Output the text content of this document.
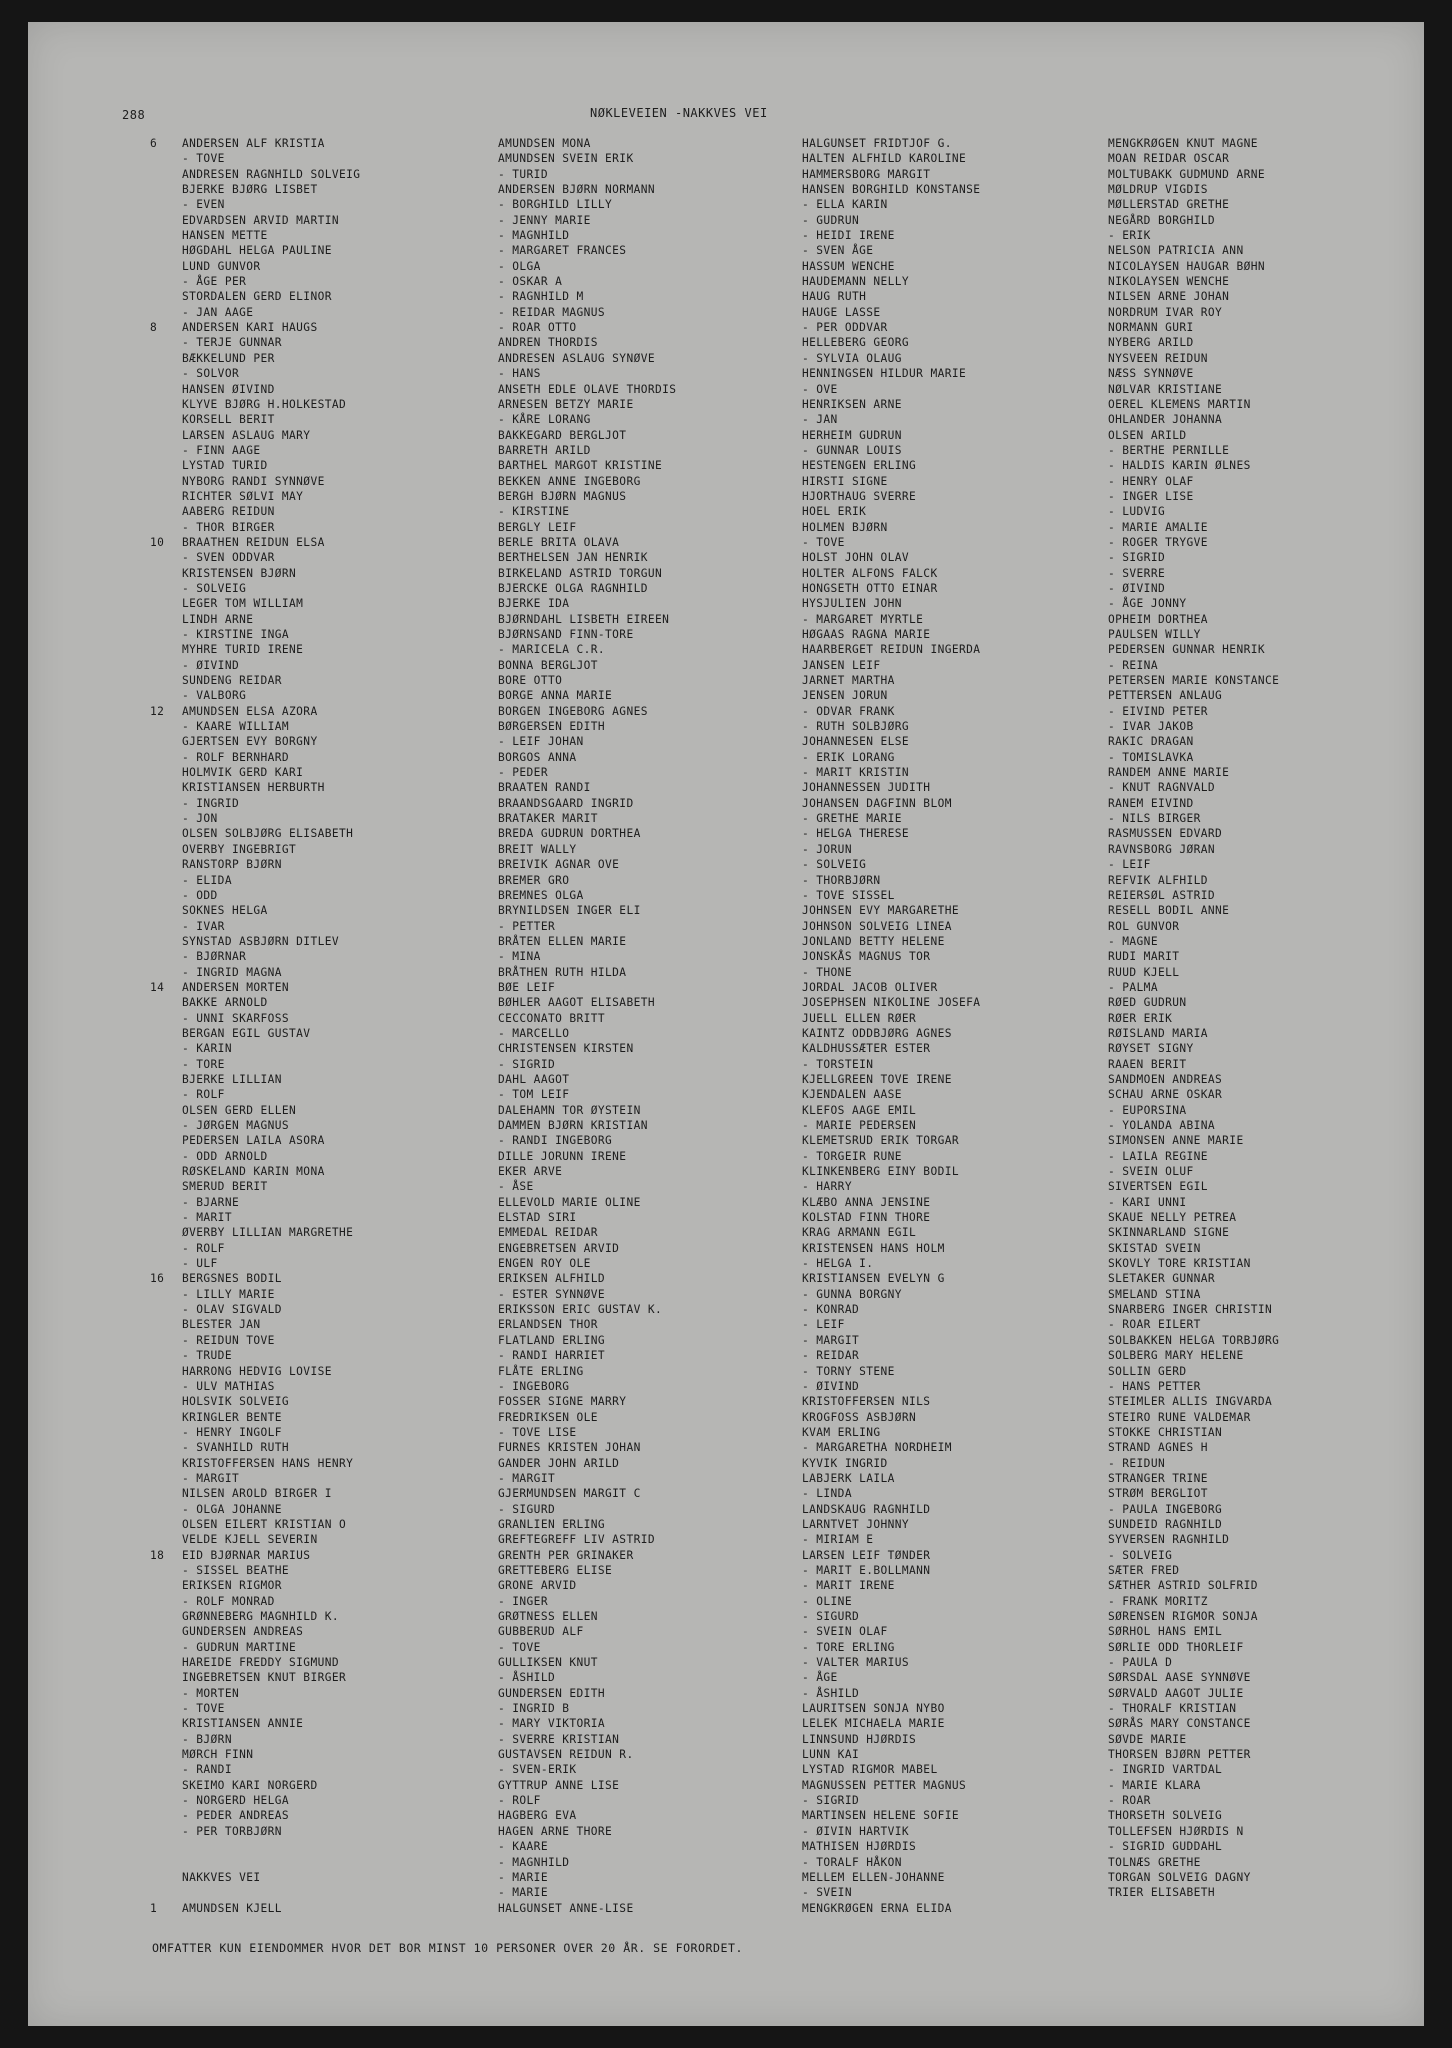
288	NØKLEVEIEN -NAKKVES VEI
6 ANDERSEN ALF KRISTIA
- TOVE
ANDRESEN RAGNHILD SOLVEIG
BJERKE BJØRG LISBET
- EVEN
EDVARDSEN ARVID MARTIN
HANSEN METTE
HØGDAHL HELGA PAULINE
LUND GUNVOR
- ÅGE PER
STORDALEN GERD ELINOR
- JAN AAGE
8 ANDERSEN KARI HAUGS
- TERJE GUNNAR
BÆKKELUND PER
- SOLVOR
HANSEN ØIVIND
KLYVE BJØRG H.HOLKESTAD
KORSELL BERIT
LARSEN ASLAUG MARY
- FINN AAGE
LYSTAD TURID
NYBORG RANDI SYNNØVE
RICHTER SØLVI MAY
AABERG REIDUN
- THOR BIRGER
10 BRAATHEN REIDUN ELSA
- SVEN ODDVAR
KRISTENSEN BJØRN
- SOLVEIG
LEGER TOM WILLIAM
LINDH ARNE
- KIRSTINE INGA
MYHRE TURID IRENE
- ØIVIND
SUNDENG REIDAR
- VALBORG
12 AMUNDSEN ELSA AZORA
- KAARE WILLIAM
GJERTSEN EVY BORGNY
- ROLF BERNHARD
HOLMVIK GERD KARI
KRISTIANSEN HERBURTH
- INGRID
- JON
OLSEN SOLBJØRG ELISABETH
OVERBY INGEBRIGT
RANSTORP BJØRN
- ELIDA
- ODD
SOKNES HELGA
- IVAR
SYNSTAD ASBJØRN DITLEV
- BJØRNAR
- INGRID MAGNA
14 ANDERSEN MORTEN
BAKKE ARNOLD
- UNNI SKARFOSS
BERGAN EGIL GUSTAV
- KARIN
- TORE
BJERKE LILLIAN
- ROLF
OLSEN GERD ELLEN
- JØRGEN MAGNUS
PEDERSEN LAILA ASORA
- ODD ARNOLD
RØSKELAND KARIN MONA
SMERUD BERIT
- BJARNE
- MARIT
ØVERBY LILLIAN MARGRETHE
- ROLF
- ULF
16 BERGSNES BODIL
- LILLY MARIE
- OLAV SIGVALD
BLESTER JAN
- REIDUN TOVE
- TRUDE
HARRONG HEDVIG LOVISE
- ULV MATHIAS
HOLSVIK SOLVEIG
KRINGLER BENTE
- HENRY INGOLF
- SVANHILD RUTH
KRISTOFFERSEN HANS HENRY
- MARGIT
NILSEN AROLD BIRGER I
- OLGA JOHANNE
OLSEN EILERT KRISTIAN O
VELDE KJELL SEVERIN
18 EID BJØRNAR MARIUS
- SISSEL BEATHE
ERIKSEN RIGMOR
- ROLF MONRAD
GRØNNEBERG MAGNHILD K.
GUNDERSEN ANDREAS
- GUDRUN MARTINE
HAREIDE FREDDY SIGMUND
INGEBRETSEN KNUT BIRGER
- MORTEN
- TOVE
KRISTIANSEN ANNIE
- BJØRN
MØRCH FINN
- RANDI
SKEIMO KARI NORGERD
- NORGERD HELGA
- PEDER ANDREAS
- PER TORBJØRN
NAKKVES VEI
1 AMUNDSEN KJELL
AMUNDSEN MONA
AMUNDSEN SVEIN ERIK
- TURID
ANDERSEN BJØRN NORMANN
- BORGHILD LILLY
- JENNY MARIE
- MAGNHILD
- MARGARET FRANCES
- OLGA
- OSKAR A
- RAGNHILD M
- REIDAR MAGNUS
- ROAR OTTO
ANDREN THORDIS
ANDRESEN ASLAUG SYNØVE
- HANS
ANSETH EDLE OLAVE THORDIS
ARNESEN BETZY MARIE
- KÅRE LORANG
BAKKEGARD BERGLJOT
BARRETH ARILD
BARTHEL MARGOT KRISTINE
BEKKEN ANNE INGEBORG
BERGH BJØRN MAGNUS
- KIRSTINE
BERGLY LEIF
BERLE BRITA OLAVA
BERTHELSEN JAN HENRIK
BIRKELAND ASTRID TORGUN
BJERCKE OLGA RAGNHILD
BJERKE IDA
BJØRNDAHL LISBETH EIREEN
BJØRNSAND FINN-TORE
- MARICELA C.R.
BONNA BERGLJOT
BORE OTTO
BORGE ANNA MARIE
BORGEN INGEBORG AGNES
BØRGERSEN EDITH
- LEIF JOHAN
BORGOS ANNA
- PEDER
BRAATEN RANDI
BRAANDSGAARD INGRID
BRATAKER MARIT
BREDA GUDRUN DORTHEA
BREIT WALLY
BREIVIK AGNAR OVE
BREMER GRO
BREMNES OLGA
BRYNILDSEN INGER ELI
- PETTER
BRÅTEN ELLEN MARIE
- MINA
BRÅTHEN RUTH HILDA
BØE LEIF
BØHLER AAGOT ELISABETH
CECCONATO BRITT
- MARCELLO
CHRISTENSEN KIRSTEN
- SIGRID
DAHL AAGOT
- TOM LEIF
DALEHAMN TOR ØYSTEIN
DAMMEN BJØRN KRISTIAN
- RANDI INGEBORG
DILLE JORUNN IRENE
EKER ARVE
- ÅSE
ELLEVOLD MARIE OLINE
ELSTAD SIRI
EMMEDAL REIDAR
ENGEBRETSEN ARVID
ENGEN ROY OLE
ERIKSEN ALFHILD
- ESTER SYNNØVE
ERIKSSON ERIC GUSTAV K.
ERLANDSEN THOR
FLATLAND ERLING
- RANDI HARRIET
FLÅTE ERLING
- INGEBORG
FOSSER SIGNE MARRY
FREDRIKSEN OLE
- TOVE LISE
FURNES KRISTEN JOHAN
GANDER JOHN ARILD
- MARGIT
GJERMUNDSEN MARGIT C
- SIGURD
GRANLIEN ERLING
GREFTEGREFF LIV ASTRID
GRENTH PER GRINAKER
GRETTEBERG ELISE
GRONE ARVID
- INGER
GRØTNESS ELLEN
GUBBERUD ALF
- TOVE
GULLIKSEN KNUT
- ÅSHILD
GUNDERSEN EDITH
- INGRID B
- MARY VIKTORIA
- SVERRE KRISTIAN
GUSTAVSEN REIDUN R.
- SVEN-ERIK
GYTTRUP ANNE LISE
- ROLF
HAGBERG EVA
HAGEN ARNE THORE
- KAARE
- MAGNHILD
- MARIE
- MARIE
HALGUNSET ANNE-LISE
HALGUNSET FRIDTJOF G.
HALTEN ALFHILD KAROLINE
HAMMERSBORG MARGIT
HANSEN BORGHILD KONSTANSE
- ELLA KARIN
- GUDRUN
- HEIDI IRENE
- SVEN ÅGE
HASSUM WENCHE
HAUDEMANN NELLY
HAUG RUTH
HAUGE LASSE
- PER ODDVAR
HELLEBERG GEORG
- SYLVIA OLAUG
HENNINGSEN HILDUR MARIE
- OVE
HENRIKSEN ARNE
- JAN
HERHEIM GUDRUN
- GUNNAR LOUIS
HESTENGEN ERLING
HIRSTI SIGNE
HJORTHAUG SVERRE
HOEL ERIK
HOLMEN BJØRN
- TOVE
HOLST JOHN OLAV
HOLTER ALFONS FALCK
HONGSETH OTTO EINAR
HYSJULIEN JOHN
- MARGARET MYRTLE
HØGAAS RAGNA MARIE
HAARBERGET REIDUN INGERDA
JANSEN LEIF
JARNET MARTHA
JENSEN JORUN
- ODVAR FRANK
- RUTH SOLBJØRG
JOHANNESEN ELSE
- ERIK LORANG
- MARIT KRISTIN
JOHANNESSEN JUDITH
JOHANSEN DAGFINN BLOM
- GRETHE MARIE
- HELGA THERESE
- JORUN
- SOLVEIG
- THORBJØRN
- TOVE SISSEL
JOHNSEN EVY MARGARETHE
JOHNSON SOLVEIG LINEA
JONLAND BETTY HELENE
JONSKÅS MAGNUS TOR
- THONE
JORDAL JACOB OLIVER
JOSEPHSEN NIKOLINE JOSEFA
JUELL ELLEN RØER
KAINTZ ODDBJØRG AGNES
KALDHUSSÆTER ESTER
- TORSTEIN
KJELLGREEN TOVE IRENE
KJENDALEN AASE
KLEFOS AAGE EMIL
- MARIE PEDERSEN
KLEMETSRUD ERIK TORGAR
- TORGEIR RUNE
KLINKENBERG EINY BODIL
- HARRY
KLÆBO ANNA JENSINE
KOLSTAD FINN THORE
KRAG ARMANN EGIL
KRISTENSEN HANS HOLM
- HELGA I.
KRISTIANSEN EVELYN G
- GUNNA BORGNY
- KONRAD
- LEIF
- MARGIT
- REIDAR
- TORNY STENE
- ØIVIND
KRISTOFFERSEN NILS
KROGFOSS ASBJØRN
KVAM ERLING
- MARGARETHA NORDHEIM
KYVIK INGRID
LABJERK LAILA
- LINDA
LANDSKAUG RAGNHILD
LARNTVET JOHNNY
- MIRIAM E
LARSEN LEIF TØNDER
- MARIT E.BOLLMANN
- MARIT IRENE
- OLINE
- SIGURD
- SVEIN OLAF
- TORE ERLING
- VALTER MARIUS
- ÅGE
- ÅSHILD
LAURITSEN SONJA NYBO
LELEK MICHAELA MARIE
LINNSUND HJØRDIS
LUNN KAI
LYSTAD RIGMOR MABEL
MAGNUSSEN PETTER MAGNUS
- SIGRID
MARTINSEN HELENE SOFIE
- ØIVIN HARTVIK
MATHISEN HJØRDIS
- TORALF HÅKON
MELLEM ELLEN-JOHANNE
- SVEIN
MENGKRØGEN ERNA ELIDA
MENGKRØGEN KNUT MAGNE
MOAN REIDAR OSCAR
MOLTUBAKK GUDMUND ARNE
MØLDRUP VIGDIS
MØLLERSTAD GRETHE
NEGÅRD BORGHILD
- ERIK
NELSON PATRICIA ANN
NICOLAYSEN HAUGAR BØHN
NIKOLAYSEN WENCHE
NILSEN ARNE JOHAN
NORDRUM IVAR ROY
NORMANN GURI
NYBERG ARILD
NYSVEEN REIDUN
NÆSS SYNNØVE
NØLVAR KRISTIANE
OEREL KLEMENS MARTIN
OHLANDER JOHANNA
OLSEN ARILD
- BERTHE PERNILLE
- HALDIS KARIN ØLNES
- HENRY OLAF
- INGER LISE
- LUDVIG
- MARIE AMALIE
- ROGER TRYGVE
- SIGRID
- SVERRE
- ØIVIND
- ÅGE JONNY
OPHEIM DORTHEA
PAULSEN WILLY
PEDERSEN GUNNAR HENRIK
- REINA
PETERSEN MARIE KONSTANCE
PETTERSEN ANLAUG
- EIVIND PETER
- IVAR JAKOB
RAKIC DRAGAN
- TOMISLAVKA
RANDEM ANNE MARIE
- KNUT RAGNVALD
RANEM EIVIND
- NILS BIRGER
RASMUSSEN EDVARD
RAVNSBORG JØRAN
- LEIF
REFVIK ALFHILD
REIERSØL ASTRID
RESELL BODIL ANNE
ROL GUNVOR
- MAGNE
RUDI MARIT
RUUD KJELL
- PALMA
RØED GUDRUN
RØER ERIK
RØISLAND MARIA
RØYSET SIGNY
RAAEN BERIT
SANDMOEN ANDREAS
SCHAU ARNE OSKAR
- EUPORSINA
- YOLANDA ABINA
SIMONSEN ANNE MARIE
- LAILA REGINE
- SVEIN OLUF
SIVERTSEN EGIL
- KARI UNNI
SKAUE NELLY PETREA
SKINNARLAND SIGNE
SKISTAD SVEIN
SKOVLY TORE KRISTIAN
SLETAKER GUNNAR
SMELAND STINA
SNARBERG INGER CHRISTIN
- ROAR EILERT
SOLBAKKEN HELGA TORBJØRG
SOLBERG MARY HELENE
SOLLIN GERD
- HANS PETTER
STEIMLER ALLIS INGVARDA
STEIRO RUNE VALDEMAR
STOKKE CHRISTIAN
STRAND AGNES H
- REIDUN
STRANGER TRINE
STRØM BERGLIOT
- PAULA INGEBORG
SUNDEID RAGNHILD
SYVERSEN RAGNHILD
- SOLVEIG
SÆTER FRED
SÆTHER ASTRID SOLFRID
- FRANK MORITZ
SØRENSEN RIGMOR SONJA
SØRHOL HANS EMIL
SØRLIE ODD THORLEIF
- PAULA D
SØRSDAL AASE SYNNØVE
SØRVALD AAGOT JULIE
- THORALF KRISTIAN
SØRÅS MARY CONSTANCE
SØVDE MARIE
THORSEN BJØRN PETTER
- INGRID VARTDAL
- MARIE KLARA
- ROAR
THORSETH SOLVEIG
TOLLEFSEN HJØRDIS N
- SIGRID GUDDAHL
TOLNÆS GRETHE
TORGAN SOLVEIG DAGNY
TRIER ELISABETH
OMFATTER KUN EIENDOMMER HVOR DET BOR MINST 10 PERSONER OVER 20 ÅR. SE FORORDET.
